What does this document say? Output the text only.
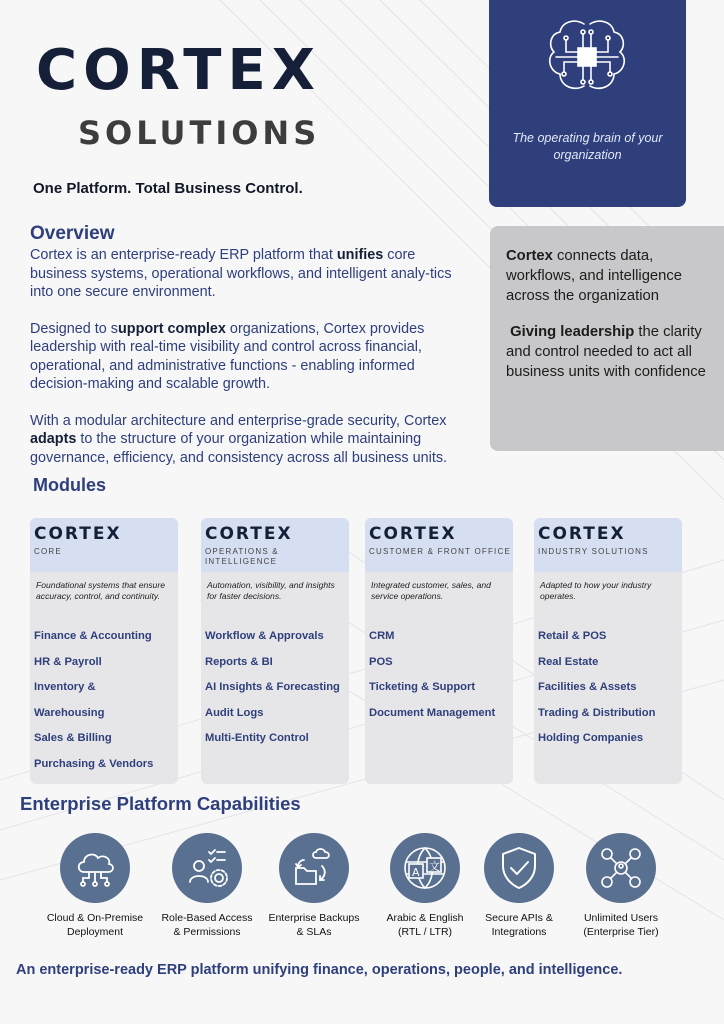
CORTEX
SOLUTIONS
One Platform. Total Business Control.
The operating brain of your organization
Overview

Cortex is an enterprise-ready ERP platform that unifies core business systems, operational workflows, and intelligent analy-tics into one secure environment.

Designed to support complex organizations, Cortex provides leadership with real-time visibility and control across financial, operational, and administrative functions - enabling informed decision-making and scalable growth.

With a modular architecture and enterprise-grade security, Cortex adapts to the structure of your organization while maintaining governance, efficiency, and consistency across all business units.

Cortex connects data, workflows, and intelligence across the organization

Giving leadership the clarity and control needed to act all business units with confidence

Modules
CORTEX
CORE
Foundational systems that ensure accuracy, control, and continuity.
Finance & Accounting
HR & Payroll
Inventory &
Warehousing
Sales & Billing
Purchasing & Vendors
CORTEX
OPERATIONS & INTELLIGENCE
Automation, visibility, and insights for faster decisions.
Workflow & Approvals
Reports & BI
AI Insights & Forecasting
Audit Logs
Multi-Entity Control
CORTEX
CUSTOMER & FRONT OFFICE
Integrated customer, sales, and service operations.
CRM
POS
Ticketing & Support
Document Management
CORTEX
INDUSTRY SOLUTIONS
Adapted to how your industry operates.
Retail & POS
Real Estate
Facilities & Assets
Trading & Distribution
Holding Companies
Enterprise Platform Capabilities
Cloud & On-Premise
Deployment
Role-Based Access
& Permissions
Enterprise Backups
& SLAs
A 文
Arabic & English
(RTL / LTR)
Secure APIs &
Integrations
Unlimited Users
(Enterprise Tier)
An enterprise-ready ERP platform unifying finance, operations, people, and intelligence.
